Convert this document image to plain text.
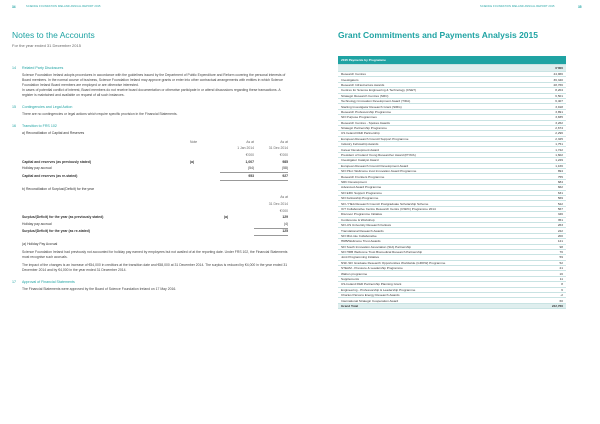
34	SCIENCE FOUNDATION IRELAND ANNUAL REPORT 2015	SCIENCE FOUNDATION IRELAND ANNUAL REPORT 2015	35
Notes to the Accounts
For the year ended 31 December 2015
14	Related Party Disclosures

Science Foundation Ireland adopts procedures in accordance with the guidelines issued by the Department of Public Expenditure and Reform covering the personal interests of Board members. In the normal course of business, Science Foundation Ireland may approve grants or enter into other contractual arrangements with entities in which Science Foundation Ireland Board members are employed or are otherwise interested.

In cases of potential conflict of interest, Board members do not receive board documentation or otherwise participate in or attend discussions regarding these transactions. A register is maintained and available on request of all such instances.

15	Contingencies and Legal Action

There are no contingencies or legal actions which require specific provision in the Financial Statements.

16	Transition to FRS 102
a) Reconciliation of Capital and Reserves
	Note	As at	As at

		1 Jan 2014	31 Dec 2014
		€'000	€'000
Capital and reserves (as previously stated)	(a)	1,007	985
Holiday pay accrual		(54)	(58)
Capital and reserves (as re-stated)		953	927
b) Reconciliation of Surplus/(Deficit) for the year
		As at
		31 Dec 2014
		€'000
Surplus/(Deficit) for the year (as previously stated)	(a)	129
Holiday pay accrual		(4)
Surplus/(Deficit) for the year (as re-stated)		125
(a) Holiday Pay Accrual

Science Foundation Ireland had previously not accounted for holiday pay earned by employees but not availed of at the reporting date. Under FRS 102, the Financial Statements must recognise such accruals.

The impact of the changes is an increase of €54,000 in creditors at the transition date and €58,000 at 31 December 2014. The surplus is reduced by €4,000 in the year ended 31 December 2014 and by €4,000 in the year ended 31 December 2014.

17	Approval of Financial Statements

The Financial Statements were approved by the Board of Science Foundation Ireland on 17 May 2016.

Grant Commitments and Payments Analysis 2015
2015 Payments by Programme	
	€'000
Research Centres	44,966
Investigators	36,340
Research Infrastructure Awards	28,766
Centres for Science Engineering & Technology (CSET)	8,204
Strategic Research Centres (SRC)	6,501
Technology Innovation Development Award (TIDA)	6,407
Starting Investigator Research Grant (SIRG)	3,918
Research Professorship Programme	3,891
SFI Purpose Programmes	3,835
Research Centres - Spokes Awards	3,262
Strategic Partnership Programme	2,674
US Ireland R&D Partnership	2,296
European Research Council Support Programme	2,325
Industry Fellowship Awards	1,751
Career Development Award	1,722
President of Ireland Young Researcher Award (PIYRA)	1,602
Investigator Catalyst Award	1,229
European Research Council Development Award	1,166
SFI Pilot: Wellcome trust Innovation Award Programme	894
Research Frontiers Programme	755
SRC Development	684
Advanced Award Programme	662
SFI ERC Support Programme	631
SFI Fellowship Programme	569
SFI / HEA Research Council Postgraduate Scholarship Scheme	522
ICT Collaborative Centre Research Centre (CSRC) Programme 2014	567
Discover Programme Initiative	346
Conference & Workshop	351
SFI-US University Research Fellows	263
Translational Research Awards	222
SFI Mid-role Collaborative	200
HRB/Wellcome Trust Awards	121
SFI South Innovation Association (SIA) Partnership	98
SFI HRB Wellcome Trust Biomedical Research Partnership	76
Joint Programming Initiative	59
NSF-SFI Graduate Research Opportunities Worldwide (GROW) Programme	52
STEAM - Pressure & Leadership Programme	21
Walton programme	16
Supplements	11
US-Ireland R&D Partnership Planning Grant	8
Engineering - Professorship & Leadership Programme	6
Charles Parsons Energy Research Awards	-2
International Strategic Cooperation Award	60
Grand Total	222,766
